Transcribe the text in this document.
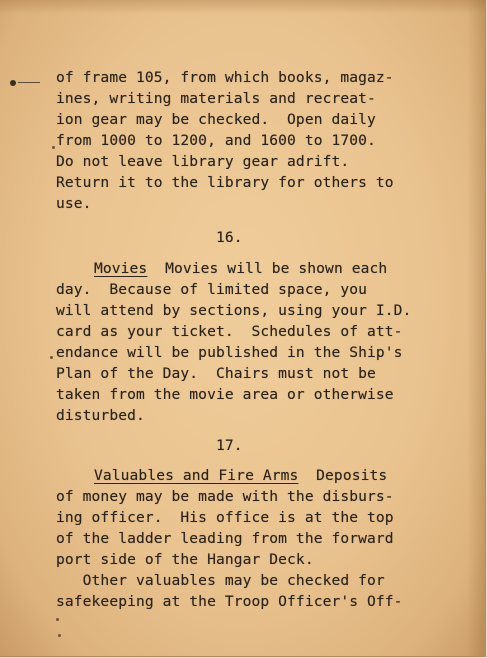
of frame 105, from which books, magaz-
ines, writing materials and recreat-
ion gear may be checked.  Open daily
from 1000 to 1200, and 1600 to 1700.
Do not leave library gear adrift.
Return it to the library for others to
use.
16.
Movies  Movies will be shown each
day.  Because of limited space, you
will attend by sections, using your I.D.
card as your ticket.  Schedules of att-
endance will be published in the Ship's
Plan of the Day.  Chairs must not be
taken from the movie area or otherwise
disturbed.
17.
Valuables and Fire Arms  Deposits
of money may be made with the disburs-
ing officer.  His office is at the top
of the ladder leading from the forward
port side of the Hangar Deck.
Other valuables may be checked for
safekeeping at the Troop Officer's Off-
